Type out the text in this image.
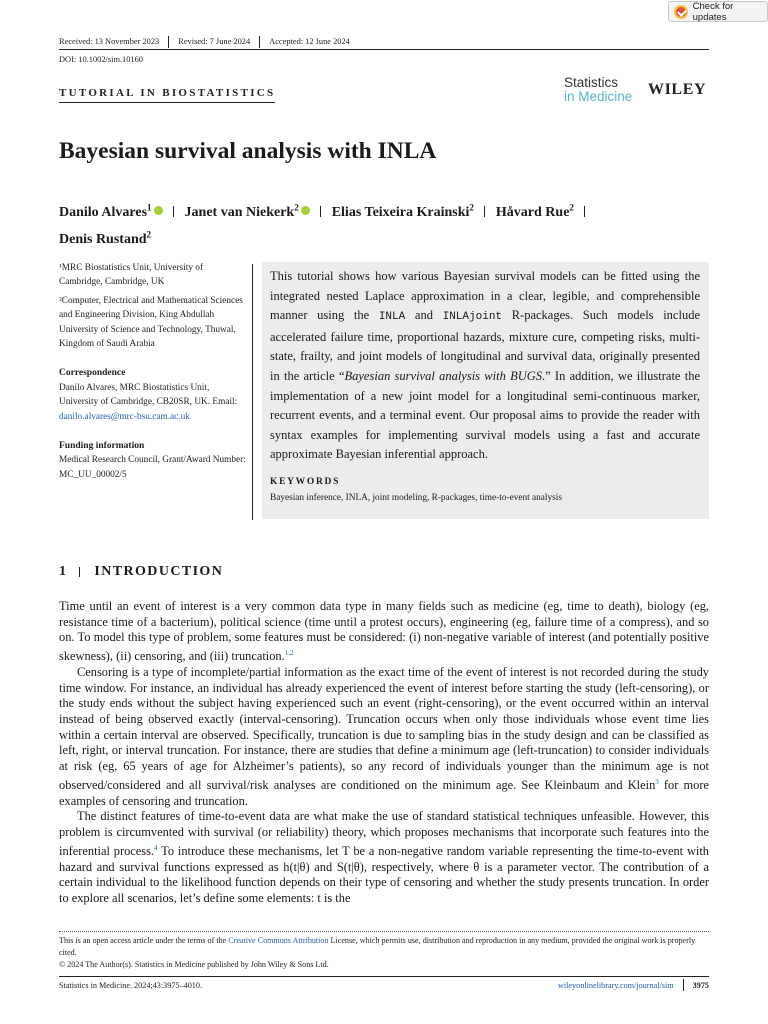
Check for updates
Received: 13 November 2023	Revised: 7 June 2024	Accepted: 12 June 2024
DOI: 10.1002/sim.10160
TUTORIAL IN BIOSTATISTICS
Statistics
in Medicine WILEY
Bayesian survival analysis with INLA
Danilo Alvares$^1$ Janet van Niekerk$^2$ Elias Teixeira Krainski$^2$ Håvard Rue$^2$
Denis Rustand$^2$

¹MRC Biostatistics Unit, University of Cambridge, Cambridge, UK

²Computer, Electrical and Mathematical Sciences and Engineering Division, King Abdullah University of Science and Technology, Thuwal, Kingdom of Saudi Arabia

Correspondence

Danilo Alvares, MRC Biostatistics Unit, University of Cambridge, CB20SR, UK. Email: danilo.alvares@mrc-bsu.cam.ac.uk

Funding information

Medical Research Council, Grant/Award Number: MC_UU_00002/5

This tutorial shows how various Bayesian survival models can be fitted using the integrated nested Laplace approximation in a clear, legible, and comprehensible manner using the INLA and INLAjoint R-packages. Such models include accelerated failure time, proportional hazards, mixture cure, competing risks, multi-state, frailty, and joint models of longitudinal and survival data, originally presented in the article “Bayesian survival analysis with BUGS.” In addition, we illustrate the implementation of a new joint model for a longitudinal semi-continuous marker, recurrent events, and a terminal event. Our proposal aims to provide the reader with syntax examples for implementing survival models using a fast and accurate approximate Bayesian inferential approach.

KEYWORDS
Bayesian inference, INLA, joint modeling, R-packages, time-to-event analysis
1 INTRODUCTION

Time until an event of interest is a very common data type in many fields such as medicine (eg, time to death), biology (eg, resistance time of a bacterium), political science (time until a protest occurs), engineering (eg, failure time of a compress), and so on. To model this type of problem, some features must be considered: (i) non-negative variable of interest (and potentially positive skewness), (ii) censoring, and (iii) truncation.$^{1,2}$

Censoring is a type of incomplete/partial information as the exact time of the event of interest is not recorded during the study time window. For instance, an individual has already experienced the event of interest before starting the study (left-censoring), or the study ends without the subject having experienced such an event (right-censoring), or the event occurred within an interval instead of being observed exactly (interval-censoring). Truncation occurs when only those individuals whose event time lies within a certain interval are observed. Specifically, truncation is due to sampling bias in the study design and can be classified as left, right, or interval truncation. For instance, there are studies that define a minimum age (left-truncation) to consider individuals at risk (eg, 65 years of age for Alzheimer’s patients), so any record of individuals younger than the minimum age is not observed/considered and all survival/risk analyses are conditioned on the minimum age. See Kleinbaum and Klein$^3$ for more examples of censoring and truncation.

The distinct features of time-to-event data are what make the use of standard statistical techniques unfeasible. However, this problem is circumvented with survival (or reliability) theory, which proposes mechanisms that incorporate such features into the inferential process.$^4$ To introduce these mechanisms, let T be a non-negative random variable representing the time-to-event with hazard and survival functions expressed as h(t|θ) and S(t|θ), respectively, where θ is a parameter vector. The contribution of a certain individual to the likelihood function depends on their type of censoring and whether the study presents truncation. In order to explore all scenarios, let’s define some elements: t is the

This is an open access article under the terms of the Creative Commons Attribution License, which permits use, distribution and reproduction in any medium, provided the original work is properly cited.
© 2024 The Author(s). Statistics in Medicine published by John Wiley & Sons Ltd.
Statistics in Medicine. 2024;43:3975–4010.	wileyonlinelibrary.com/journal/sim 3975
